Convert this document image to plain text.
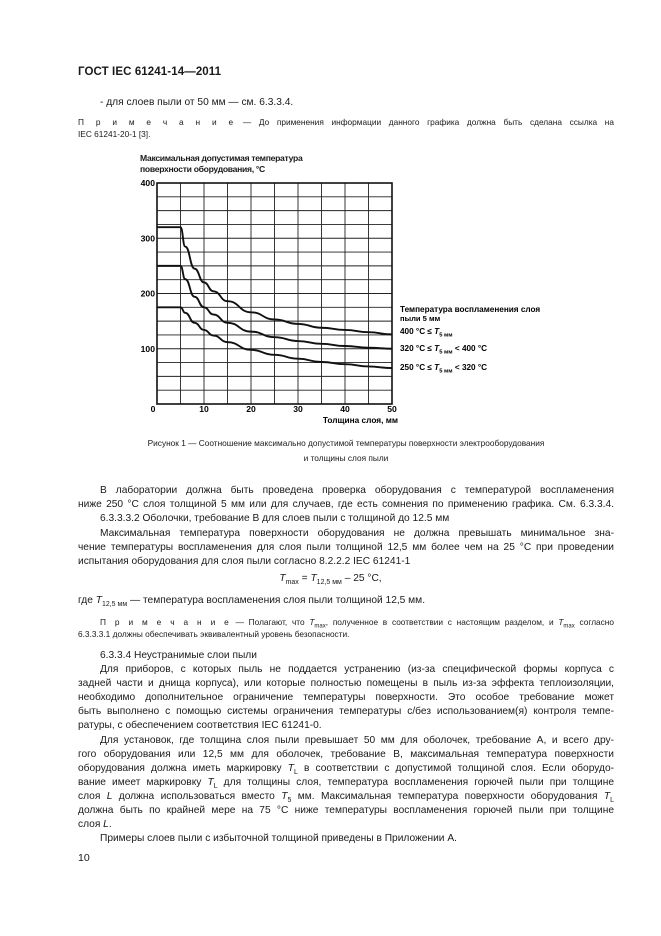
ГОСТ IEC 61241-14—2011
- для слоев пыли от 50 мм — см. 6.3.3.4.
П р и м е ч а н и е — До применения информации данного графика должна быть сделана ссылка на
IEC 61241-20-1 [3].
Максимальная допустимая температура
поверхности оборудования, °С
100
200
300
400
0	10	20	30	40	50
Толщина слоя, мм
Температура воспламенения слоя
пыли 5 мм
400 $^\circ С \le T_{5 мм}$
320 $^\circ С \le T_{5 мм} < 400$ °С
250 $^\circ С \le T_{5 мм} < 320$ °С
Рисунок 1 — Соотношение максимально допустимой температуры поверхности электрооборудования
и толщины слоя пыли
В лаборатории должна быть проведена проверка оборудования с температурой воспламенения
ниже 250 °С слоя толщиной 5 мм или для случаев, где есть сомнения по применению графика. См. 6.3.3.4.
6.3.3.3.2 Оболочки, требование В для слоев пыли с толщиной до 12.5 мм
Максимальная температура поверхности оборудования не должна превышать минимальное зна-
чение температуры воспламенения для слоя пыли толщиной 12,5 мм более чем на 25 °С при проведении
испытания оборудования для слоя пыли согласно 8.2.2.2 IEC 61241-1
$T_{max} = T_{12,5 мм} - 25$ °С,
где $T_{12,5 мм}$ — температура воспламенения слоя пыли толщиной 12,5 мм.
П р и м е ч а н и е — Полагают, что $T_{max}$, полученное в соответствии с настоящим разделом, и $T_{max}$ согласно
6.3.3.3.1 должны обеспечивать эквивалентный уровень безопасности.
6.3.3.4 Неустранимые слои пыли
Для приборов, с которых пыль не поддается устранению (из-за специфической формы корпуса с
задней части и днища корпуса), или которые полностью помещены в пыль из-за эффекта теплоизоляции,
необходимо дополнительное ограничение температуры поверхности. Это особое требование может
быть выполнено с помощью системы ограничения температуры с/без использованием(я) контроля темпе-
ратуры, с обеспечением соответствия IEC 61241-0.
Для установок, где толщина слоя пыли превышает 50 мм для оболочек, требование А, и всего дру-
гого оборудования или 12,5 мм для оболочек, требование В, максимальная температура поверхности
оборудования должна иметь маркировку $T_L$ в соответствии с допустимой толщиной слоя. Если оборудо-
вание имеет маркировку $T_L$ для толщины слоя, температура воспламенения горючей пыли при толщине
слоя L должна использоваться вместо $T_5$ мм. Максимальная температура поверхности оборудования $T_L$
должна быть по крайней мере на 75 °С ниже температуры воспламенения горючей пыли при толщине
слоя L.
Примеры слоев пыли с избыточной толщиной приведены в Приложении А.
10
